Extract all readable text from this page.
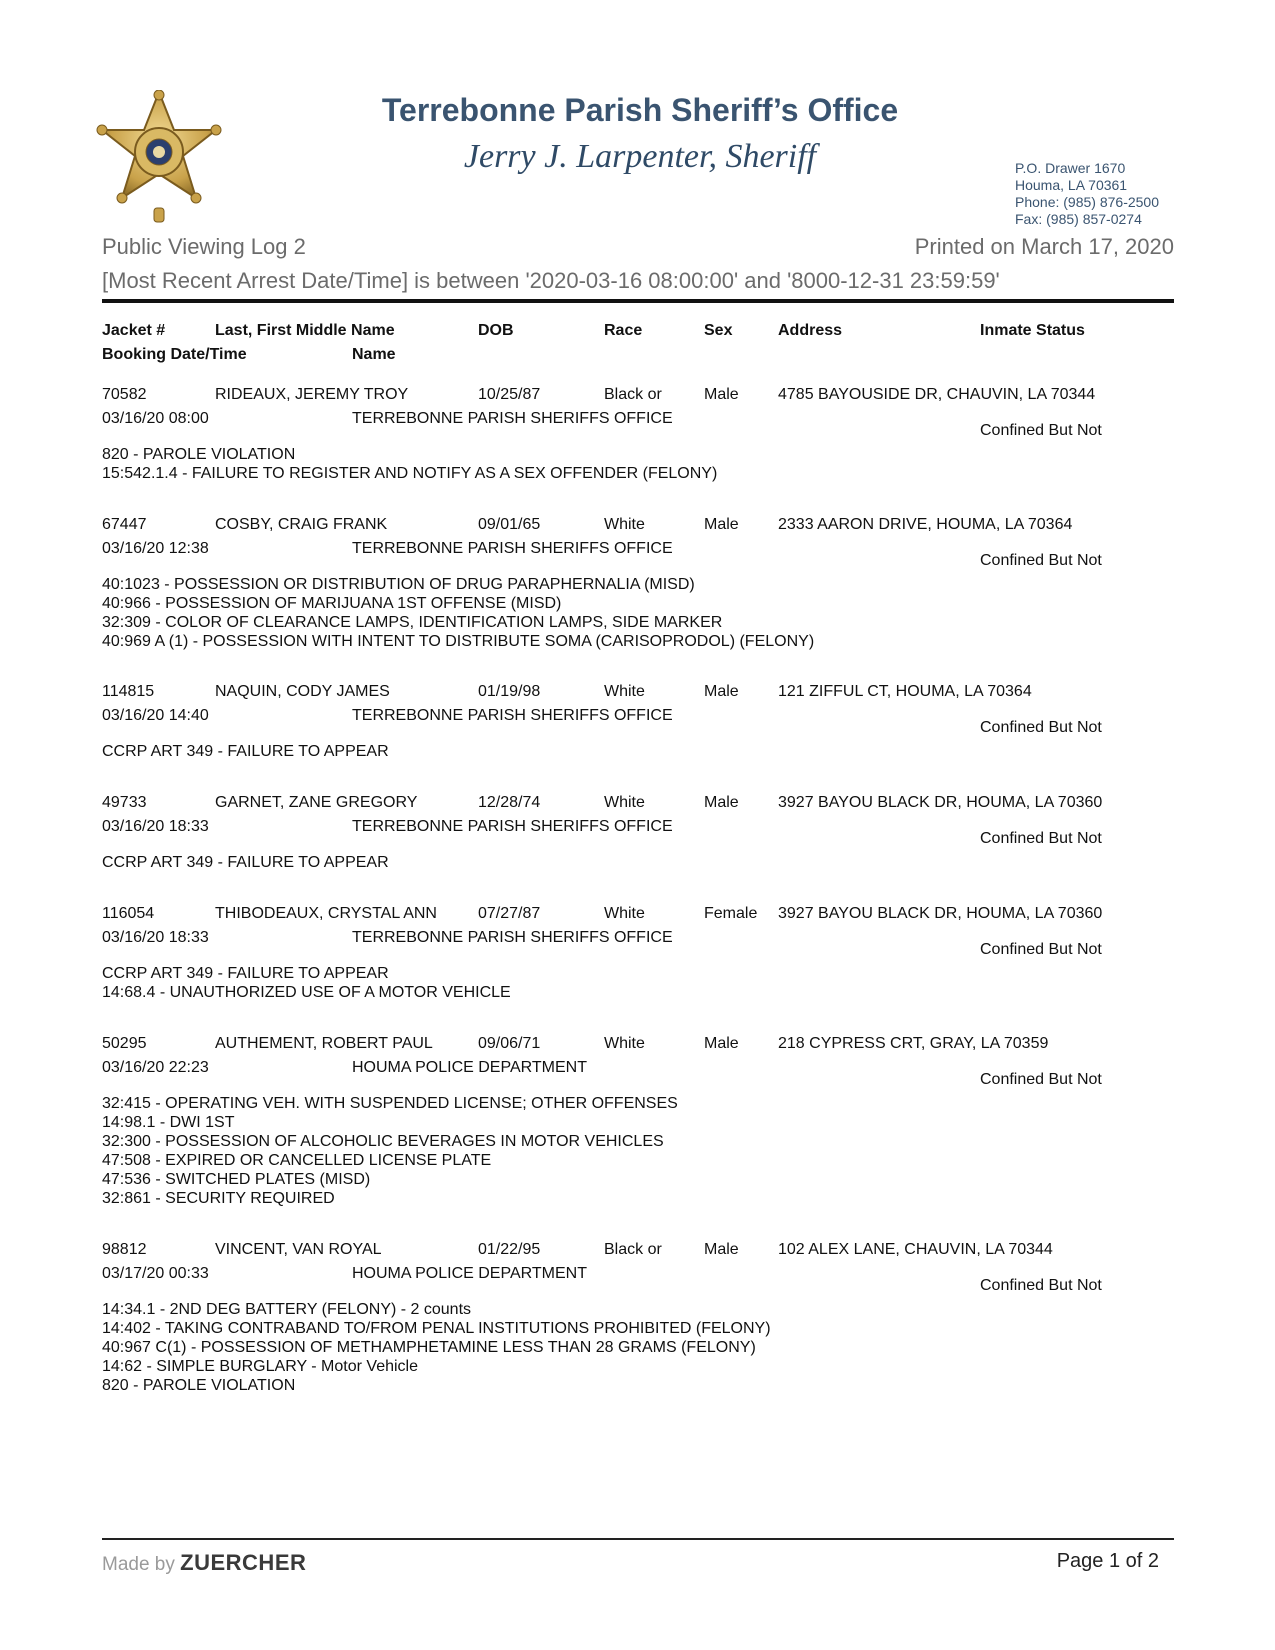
Terrebonne Parish Sheriff’s Office
Jerry J. Larpenter, Sheriff	P.O. Drawer 1670
Houma, LA 70361
Phone: (985) 876-2500
Fax: (985) 857-0274
Public Viewing Log 2	Printed on March 17, 2020
[Most Recent Arrest Date/Time] is between '2020-03-16 08:00:00' and '8000-12-31 23:59:59'
Jacket #	Last, First Middle Name	DOB	Race	Sex	Address	Inmate Status
Booking Date/Time	Name
70582	RIDEAUX, JEREMY TROY	10/25/87	Black or	Male 4785 BAYOUSIDE DR, CHAUVIN, LA 70344
03/16/20 08:00	TERREBONNE PARISH SHERIFFS OFFICE
Confined But Not
820 - PAROLE VIOLATION
15:542.1.4 - FAILURE TO REGISTER AND NOTIFY AS A SEX OFFENDER (FELONY)
67447	COSBY, CRAIG FRANK	09/01/65	White	Male 2333 AARON DRIVE, HOUMA, LA 70364
03/16/20 12:38	TERREBONNE PARISH SHERIFFS OFFICE
Confined But Not
40:1023 - POSSESSION OR DISTRIBUTION OF DRUG PARAPHERNALIA (MISD)
40:966 - POSSESSION OF MARIJUANA 1ST OFFENSE (MISD)
32:309 - COLOR OF CLEARANCE LAMPS, IDENTIFICATION LAMPS, SIDE MARKER
40:969 A (1) - POSSESSION WITH INTENT TO DISTRIBUTE SOMA (CARISOPRODOL) (FELONY)
114815	NAQUIN, CODY JAMES	01/19/98	White	Male 121 ZIFFUL CT, HOUMA, LA 70364
03/16/20 14:40	TERREBONNE PARISH SHERIFFS OFFICE
Confined But Not
CCRP ART 349 - FAILURE TO APPEAR
49733	GARNET, ZANE GREGORY	12/28/74	White	Male 3927 BAYOU BLACK DR, HOUMA, LA 70360
03/16/20 18:33	TERREBONNE PARISH SHERIFFS OFFICE
Confined But Not
CCRP ART 349 - FAILURE TO APPEAR
116054	THIBODEAUX, CRYSTAL ANN	07/27/87	White	Female 3927 BAYOU BLACK DR, HOUMA, LA 70360
03/16/20 18:33	TERREBONNE PARISH SHERIFFS OFFICE
Confined But Not
CCRP ART 349 - FAILURE TO APPEAR
14:68.4 - UNAUTHORIZED USE OF A MOTOR VEHICLE
50295	AUTHEMENT, ROBERT PAUL	09/06/71	White	Male 218 CYPRESS CRT, GRAY, LA 70359
03/16/20 22:23	HOUMA POLICE DEPARTMENT
Confined But Not
32:415 - OPERATING VEH. WITH SUSPENDED LICENSE; OTHER OFFENSES
14:98.1 - DWI 1ST
32:300 - POSSESSION OF ALCOHOLIC BEVERAGES IN MOTOR VEHICLES
47:508 - EXPIRED OR CANCELLED LICENSE PLATE
47:536 - SWITCHED PLATES (MISD)
32:861 - SECURITY REQUIRED
98812	VINCENT, VAN ROYAL	01/22/95	Black or	Male 102 ALEX LANE, CHAUVIN, LA 70344
03/17/20 00:33	HOUMA POLICE DEPARTMENT
Confined But Not
14:34.1 - 2ND DEG BATTERY (FELONY) - 2 counts
14:402 - TAKING CONTRABAND TO/FROM PENAL INSTITUTIONS PROHIBITED (FELONY)
40:967 C(1) - POSSESSION OF METHAMPHETAMINE LESS THAN 28 GRAMS (FELONY)
14:62 - SIMPLE BURGLARY - Motor Vehicle
820 - PAROLE VIOLATION
Made by ZUERCHER	Page 1 of 2
